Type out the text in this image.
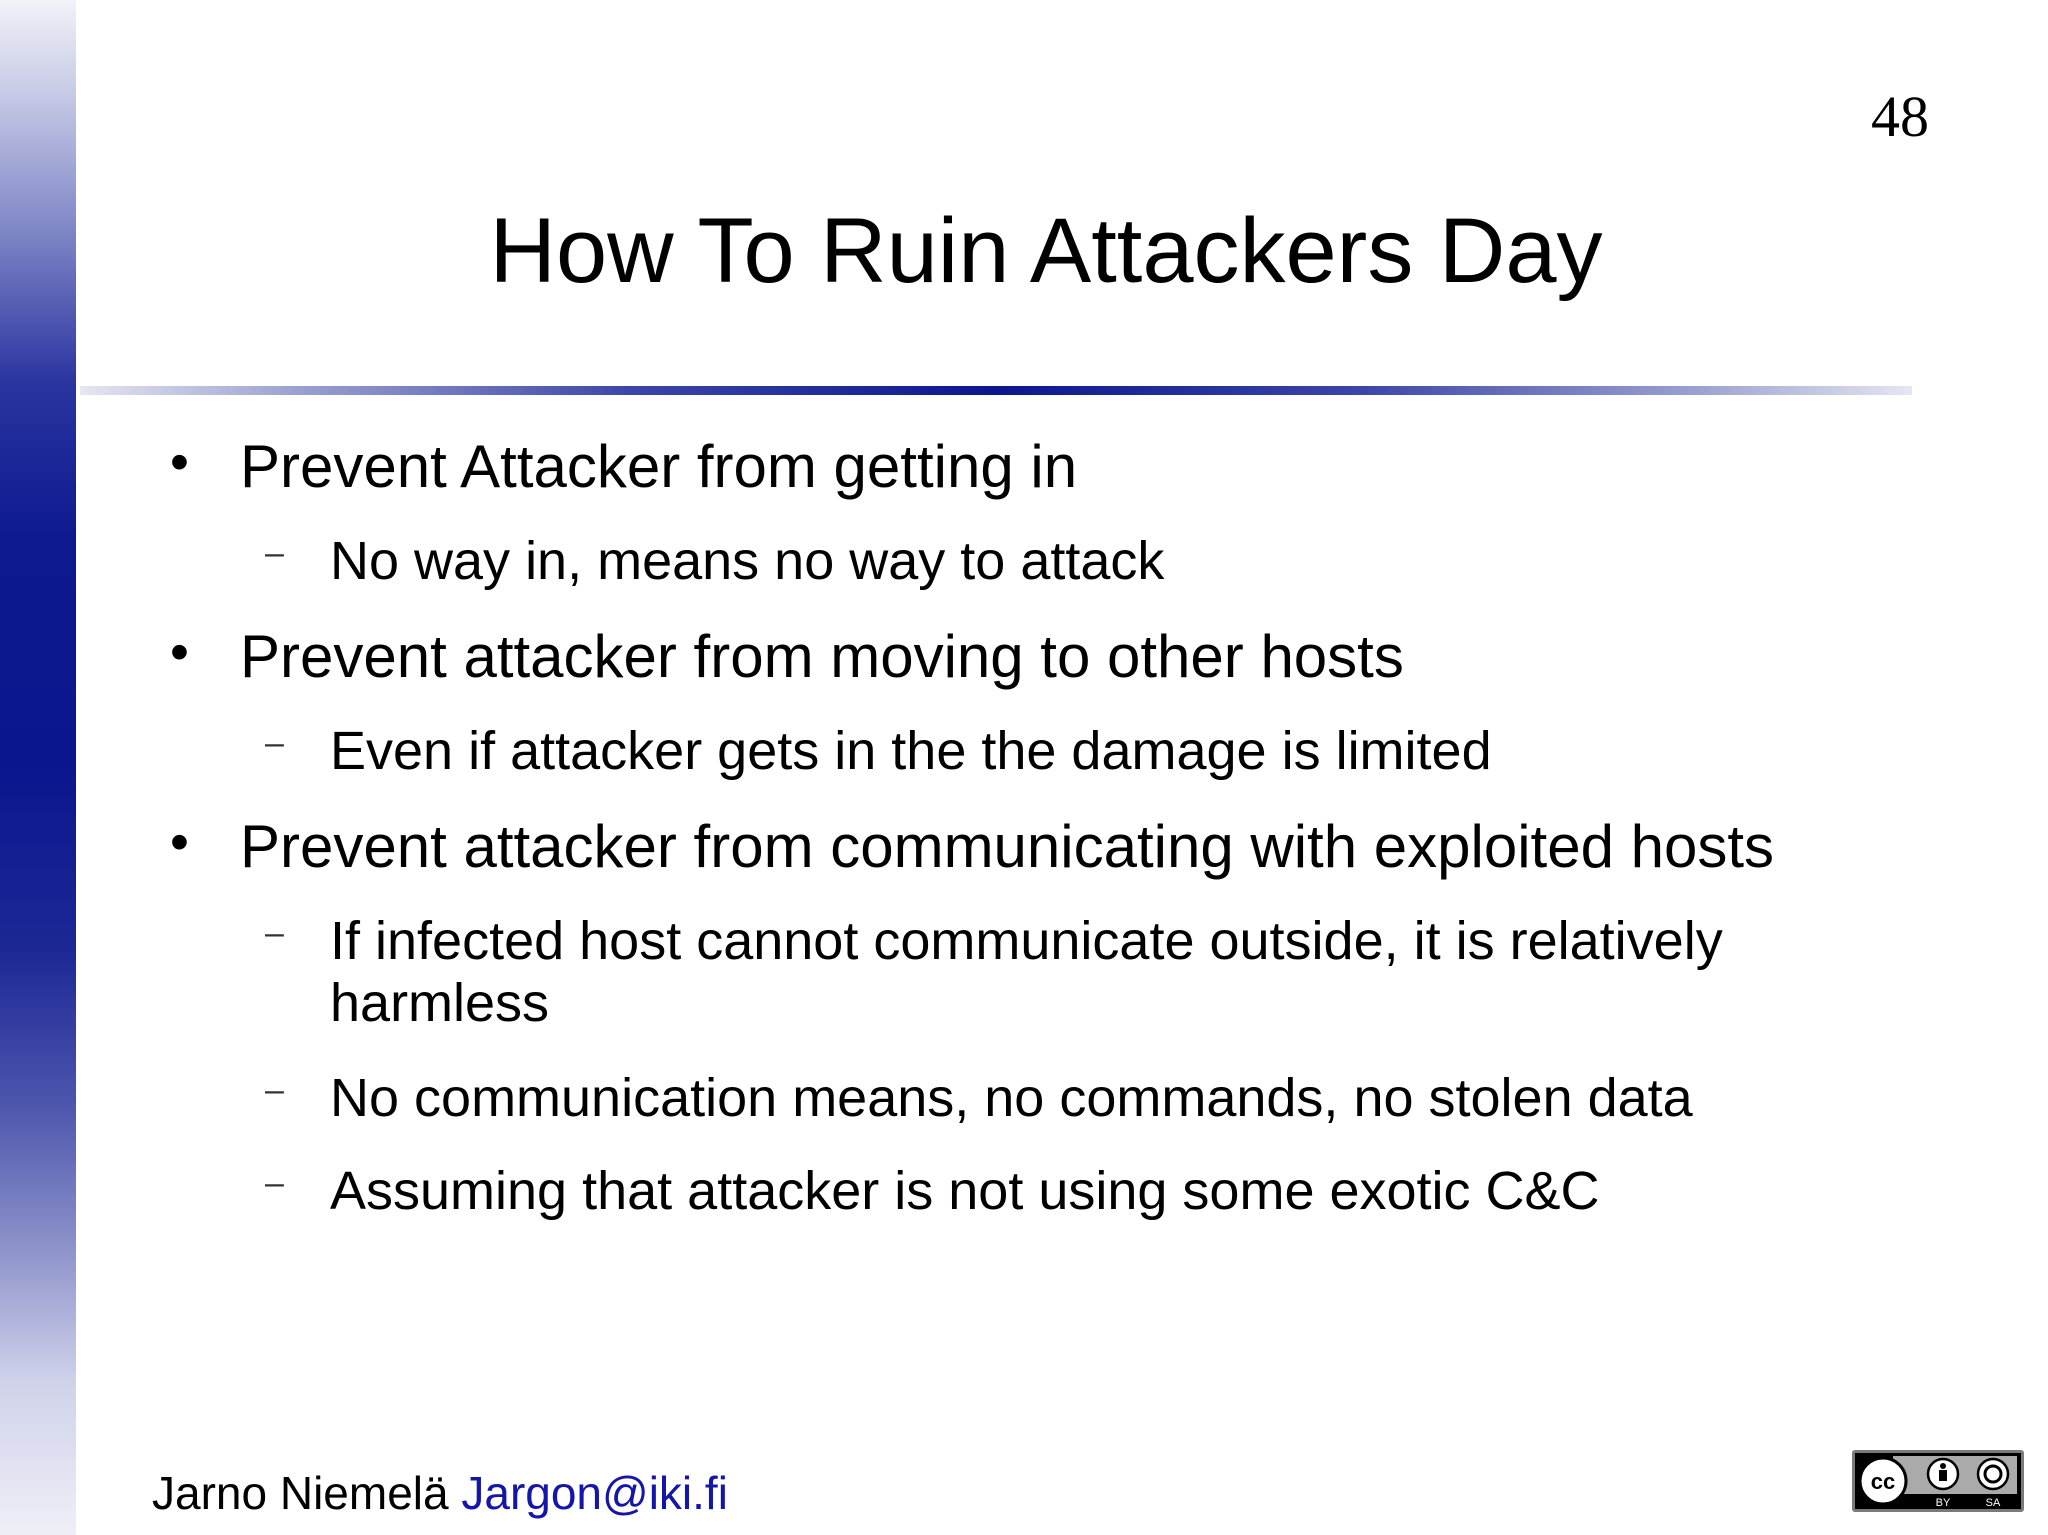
48
How To Ruin Attackers Day
• Prevent Attacker from getting in
– No way in, means no way to attack
• Prevent attacker from moving to other hosts
– Even if attacker gets in the the damage is limited
• Prevent attacker from communicating with exploited hosts
– If infected host cannot communicate outside, it is relatively harmless
– No communication means, no commands, no stolen data
– Assuming that attacker is not using some exotic C&C
Jarno Niemelä Jargon@iki.fi	cc
BY	SA
